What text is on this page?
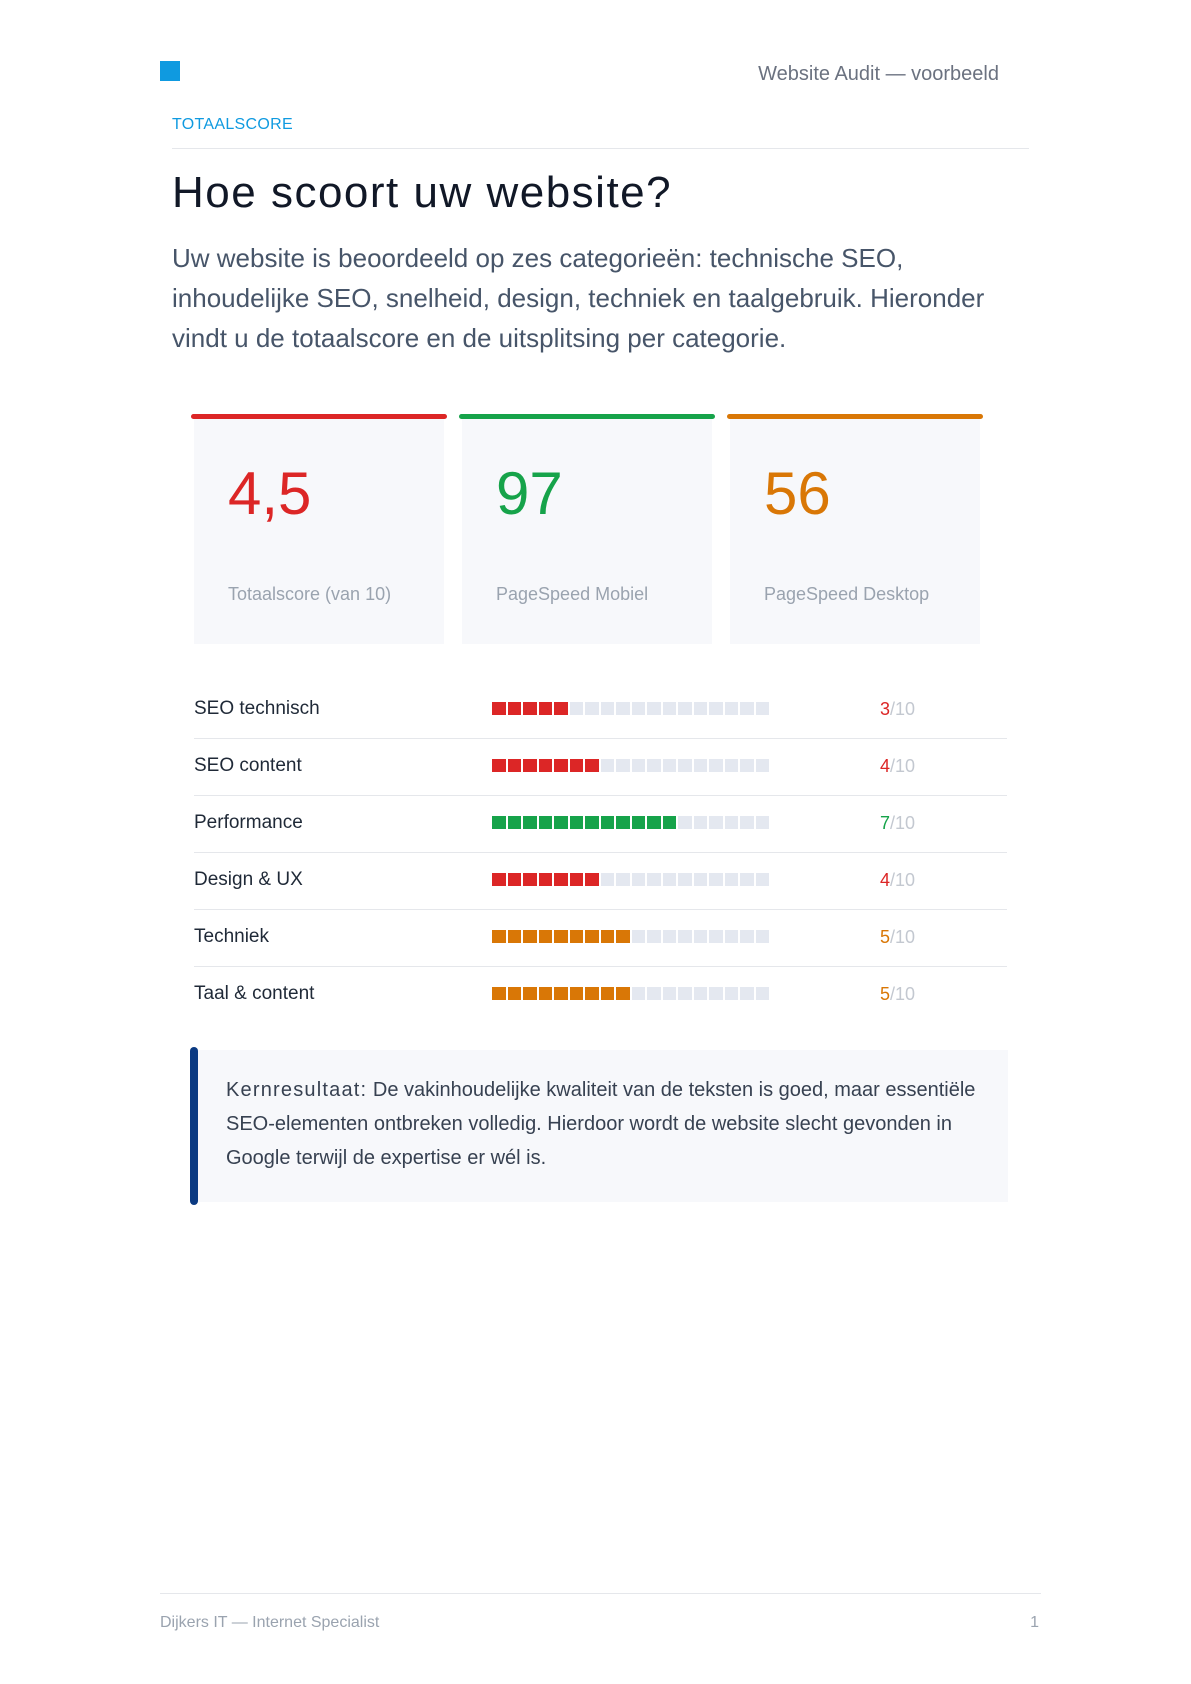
Website Audit — voorbeeld
TOTAALSCORE
Hoe scoort uw website?

Uw website is beoordeeld op zes categorieën: technische SEO, inhoudelijke SEO, snelheid, design, techniek en taalgebruik. Hieronder vindt u de totaalscore en de uitsplitsing per categorie.

4,5
Totaalscore (van 10)
97
PageSpeed Mobiel
56
PageSpeed Desktop
SEO technisch	3/10
SEO content	4/10
Performance	7/10
Design & UX	4/10
Techniek	5/10
Taal & content	5/10

Kernresultaat: De vakinhoudelijke kwaliteit van de teksten is goed, maar essentiële SEO-elementen ontbreken volledig. Hierdoor wordt de website slecht gevonden in Google terwijl de expertise er wél is.

Dijkers IT — Internet Specialist	1
